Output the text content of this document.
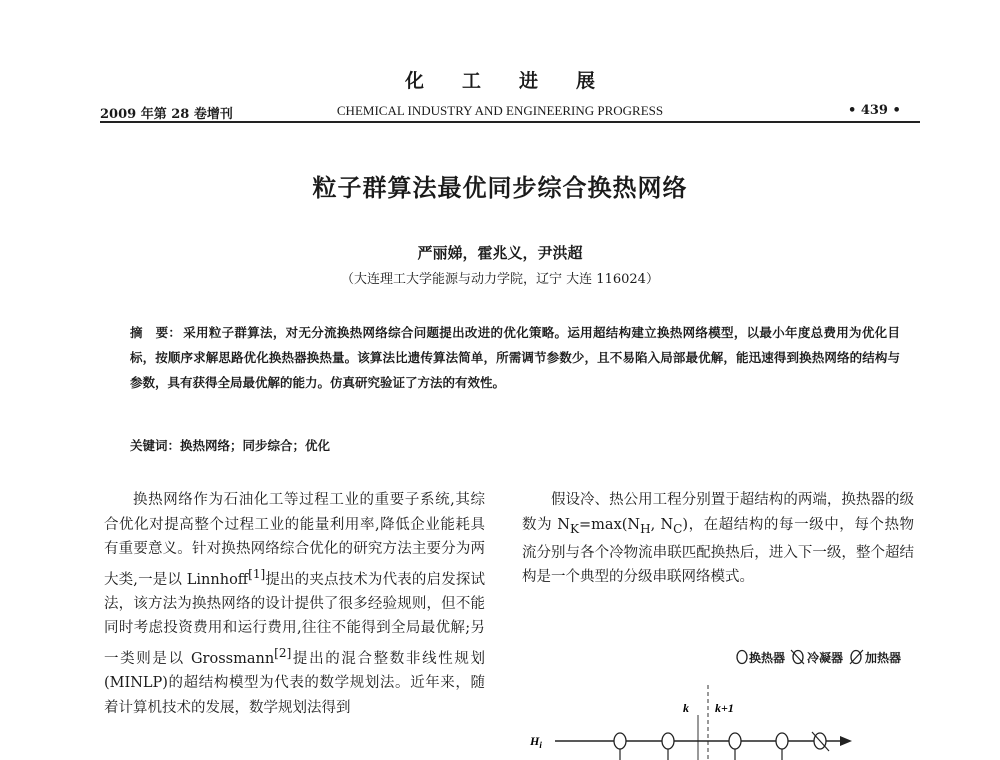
化工进展
2009 年第 28 卷增刊	CHEMICAL INDUSTRY AND ENGINEERING PROGRESS	• 439 •
粒子群算法最优同步综合换热网络
严丽娣，霍兆义，尹洪超
（大连理工大学能源与动力学院，辽宁 大连 116024）
摘　要： 采用粒子群算法，对无分流换热网络综合问题提出改进的优化策略。运用超结构建立换热网络模型，以最小年度总费用为优化目标，按顺序求解思路优化换热器换热量。该算法比遗传算法简单，所需调节参数少，且不易陷入局部最优解，能迅速得到换热网络的结构与参数，具有获得全局最优解的能力。仿真研究验证了方法的有效性。
关键词：换热网络；同步综合；优化
换热网络作为石油化工等过程工业的重要子系统,其综合优化对提高整个过程工业的能量利用率,降低企业能耗具有重要意义。针对换热网络综合优化的研究方法主要分为两大类,一是以 Linnhoff[1]提出的夹点技术为代表的启发探试法，该方法为换热网络的设计提供了很多经验规则，但不能同时考虑投资费用和运行费用,往往不能得到全局最优解;另一类则是以 Grossmann[2]提出的混合整数非线性规划(MINLP)的超结构模型为代表的数学规划法。近年来，随着计算机技术的发展，数学规划法得到
假设冷、热公用工程分别置于超结构的两端，换热器的级数为 $N_K=\max(N_H$, $N_C$)，在超结构的每一级中，每个热物流分别与各个冷物流串联匹配换热后，进入下一级，整个超结构是一个典型的分级串联网络模式。
换热器 冷凝器 加热器
k k+1
$H_i$
